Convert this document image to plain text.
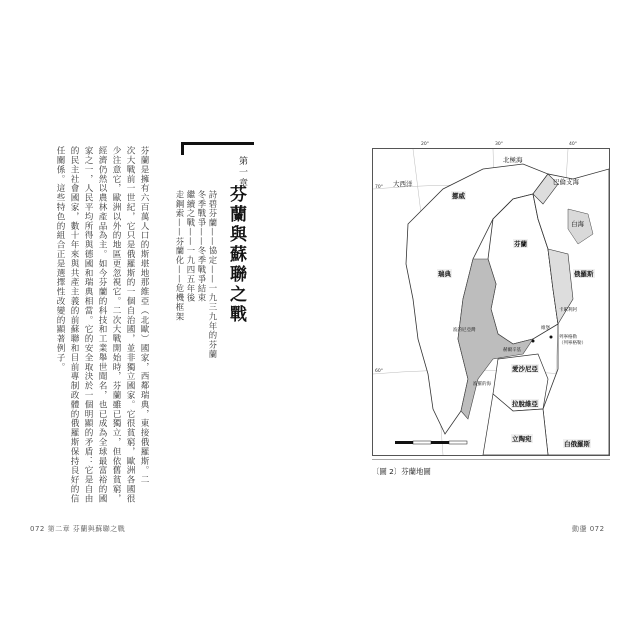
第一章
芬蘭與蘇聯之戰
詩碧芬蘭——協定——一九三九年的芬蘭
冬季戰爭——冬季戰爭結束
繼續之戰——一九四五年後
走鋼索——芬蘭化——危機框架
芬蘭是擁有六百萬人口的斯堪地那維亞（北歐）國家，西鄰瑞典，東接俄羅斯。二
次大戰前一世紀，它只是俄羅斯的一個自治國，並非獨立國家。它很貧窮，歐洲各國很
少注意它，歐洲以外的地區更忽視它。二次大戰開始時，芬蘭雖已獨立，但依舊貧窮，
經濟仍然以農林產品為主。如今芬蘭的科技和工業舉世聞名，也已成為全球最富裕的國
家之一，人民平均所得與德國和瑞典相當。它的安全取決於一個明顯的矛盾：它是自由
的民主社會國家，數十年來與共產主義的前蘇聯和目前專制政體的俄羅斯保持良好的信
任關係。這些特色的組合正是選擇性改變的顯著例子。
072 第二章 芬蘭與蘇聯之戰
20°	30°	40°
70°
60°
北極海
巴倫支海
白海
大西洋
挪威
瑞典
芬蘭
俄羅斯
波的尼亞灣
卡累利阿
維堡
列寧格勒
（列寧格勒）
赫爾辛基
愛沙尼亞
拉脫維亞
立陶宛
白俄羅斯
波羅的海
〔圖 2〕芬蘭地圖
動盪 072
